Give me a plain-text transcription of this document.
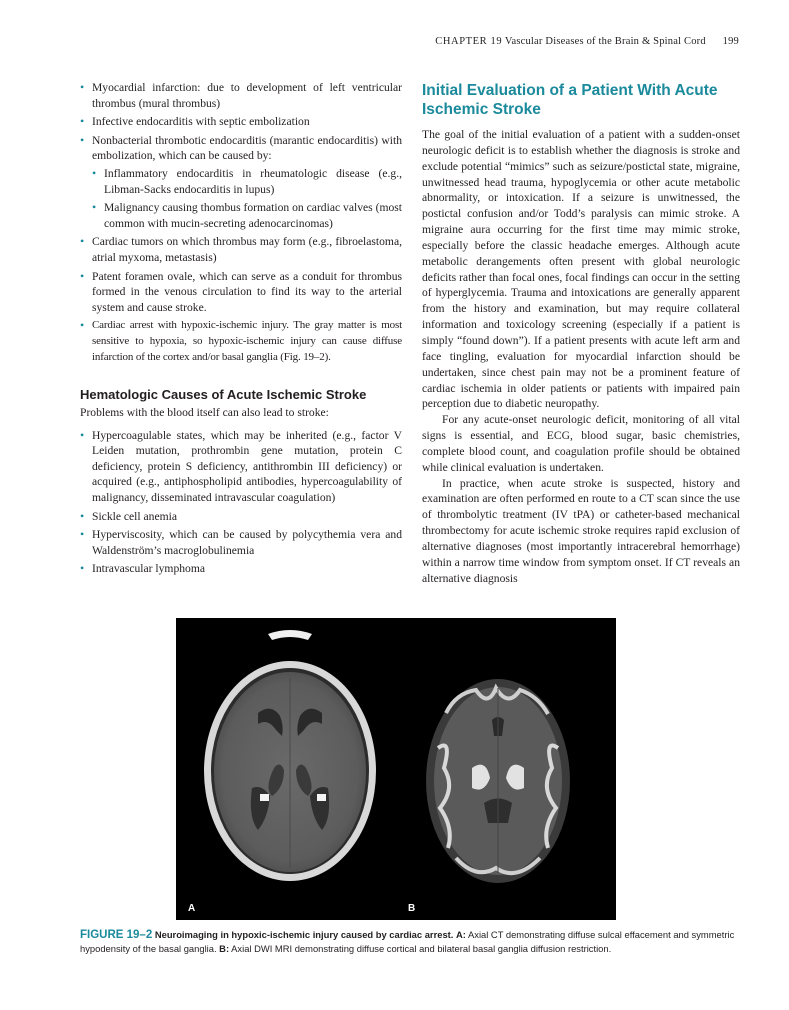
CHAPTER 19 Vascular Diseases of the Brain & Spinal Cord 199
• Myocardial infarction: due to development of left ventricular thrombus (mural thrombus)
• Infective endocarditis with septic embolization
• Nonbacterial thrombotic endocarditis (marantic endocarditis) with embolization, which can be caused by:
• Inflammatory endocarditis in rheumatologic disease (e.g., Libman-Sacks endocarditis in lupus)
• Malignancy causing thombus formation on cardiac valves (most common with mucin-secreting adenocarcinomas)
• Cardiac tumors on which thrombus may form (e.g., fibroelastoma, atrial myxoma, metastasis)
• Patent foramen ovale, which can serve as a conduit for thrombus formed in the venous circulation to find its way to the arterial system and cause stroke.
• Cardiac arrest with hypoxic-ischemic injury. The gray matter is most sensitive to hypoxia, so hypoxic-ischemic injury can cause diffuse infarction of the cortex and/or basal ganglia (Fig. 19–2).
Hematologic Causes of Acute Ischemic Stroke

Problems with the blood itself can also lead to stroke:

• Hypercoagulable states, which may be inherited (e.g., factor V Leiden mutation, prothrombin gene mutation, protein C deficiency, protein S deficiency, antithrombin III deficiency) or acquired (e.g., antiphospholipid antibodies, hypercoagulability of malignancy, disseminated intravascular coagulation)
• Sickle cell anemia
• Hyperviscosity, which can be caused by polycythemia vera and Waldenström’s macroglobulinemia
• Intravascular lymphoma
Initial Evaluation of a Patient With Acute Ischemic Stroke

The goal of the initial evaluation of a patient with a sudden-onset neurologic deficit is to establish whether the diagnosis is stroke and exclude potential “mimics” such as seizure/postictal state, migraine, unwitnessed head trauma, hypoglycemia or other acute metabolic abnormality, or intoxication. If a seizure is unwitnessed, the postictal confusion and/or Todd’s paralysis can mimic stroke. A migraine aura occurring for the first time may mimic stroke, especially before the classic headache emerges. Although acute metabolic derangements often present with global neurologic deficits rather than focal ones, focal findings can occur in the setting of hyperglycemia. Trauma and intoxications are generally apparent from the history and examination, but may require collateral information and toxicology screening (especially if a patient is simply “found down”). If a patient presents with acute left arm and face tingling, evaluation for myocardial infarction should be undertaken, since chest pain may not be a prominent feature of cardiac ischemia in older patients or patients with impaired pain perception due to diabetic neuropathy.

For any acute-onset neurologic deficit, monitoring of all vital signs is essential, and ECG, blood sugar, basic chemistries, complete blood count, and coagulation profile should be obtained while clinical evaluation is undertaken.

In practice, when acute stroke is suspected, history and examination are often performed en route to a CT scan since the use of thrombolytic treatment (IV tPA) or catheter-based mechanical thrombectomy for acute ischemic stroke requires rapid exclusion of alternative diagnoses (most importantly intracerebral hemorrhage) within a narrow time window from symptom onset. If CT reveals an alternative diagnosis

A	B
FIGURE 19–2 Neuroimaging in hypoxic-ischemic injury caused by cardiac arrest. A: Axial CT demonstrating diffuse sulcal effacement and symmetric hypodensity of the basal ganglia. B: Axial DWI MRI demonstrating diffuse cortical and bilateral basal ganglia diffusion restriction.
